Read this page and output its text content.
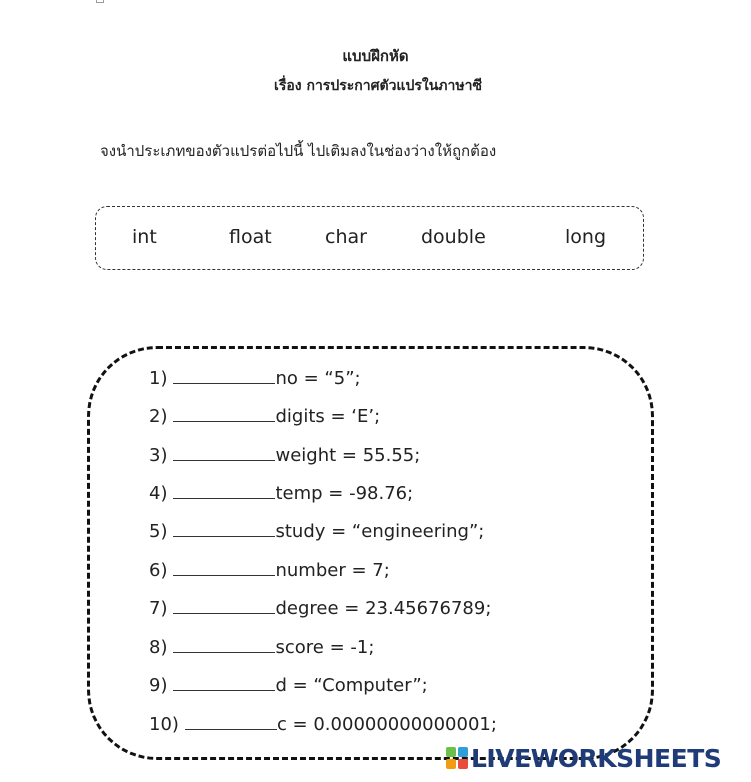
แบบฝึกหัด
เรื่อง การประกาศตัวแปรในภาษาซี
จงนำประเภทของตัวแปรต่อไปนี้ ไปเติมลงในช่องว่างให้ถูกต้อง
int	float	char	double	long
1)	no = “5”;
2)	digits = ‘E’;
3)	weight = 55.55;
4)	temp = -98.76;
5)	study = “engineering”;
6)	number = 7;
7)	degree = 23.45676789;
8)	score = -1;
9)	d = “Computer”;
10)	c = 0.00000000000001;
LIVEWORKSHEETS
